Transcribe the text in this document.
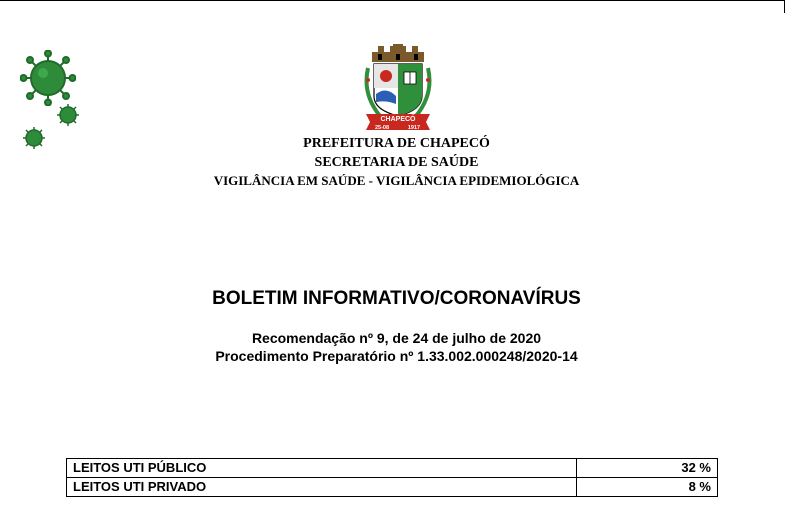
CHAPECÓ
25-08	1917
PREFEITURA DE CHAPECÓ
SECRETARIA DE SAÚDE
VIGILÂNCIA EM SAÚDE - VIGILÂNCIA EPIDEMIOLÓGICA
BOLETIM INFORMATIVO/CORONAVÍRUS
Recomendação nº 9, de 24 de julho de 2020
Procedimento Preparatório nº 1.33.002.000248/2020-14
LEITOS UTI PÚBLICO	32 %
LEITOS UTI PRIVADO	8 %
